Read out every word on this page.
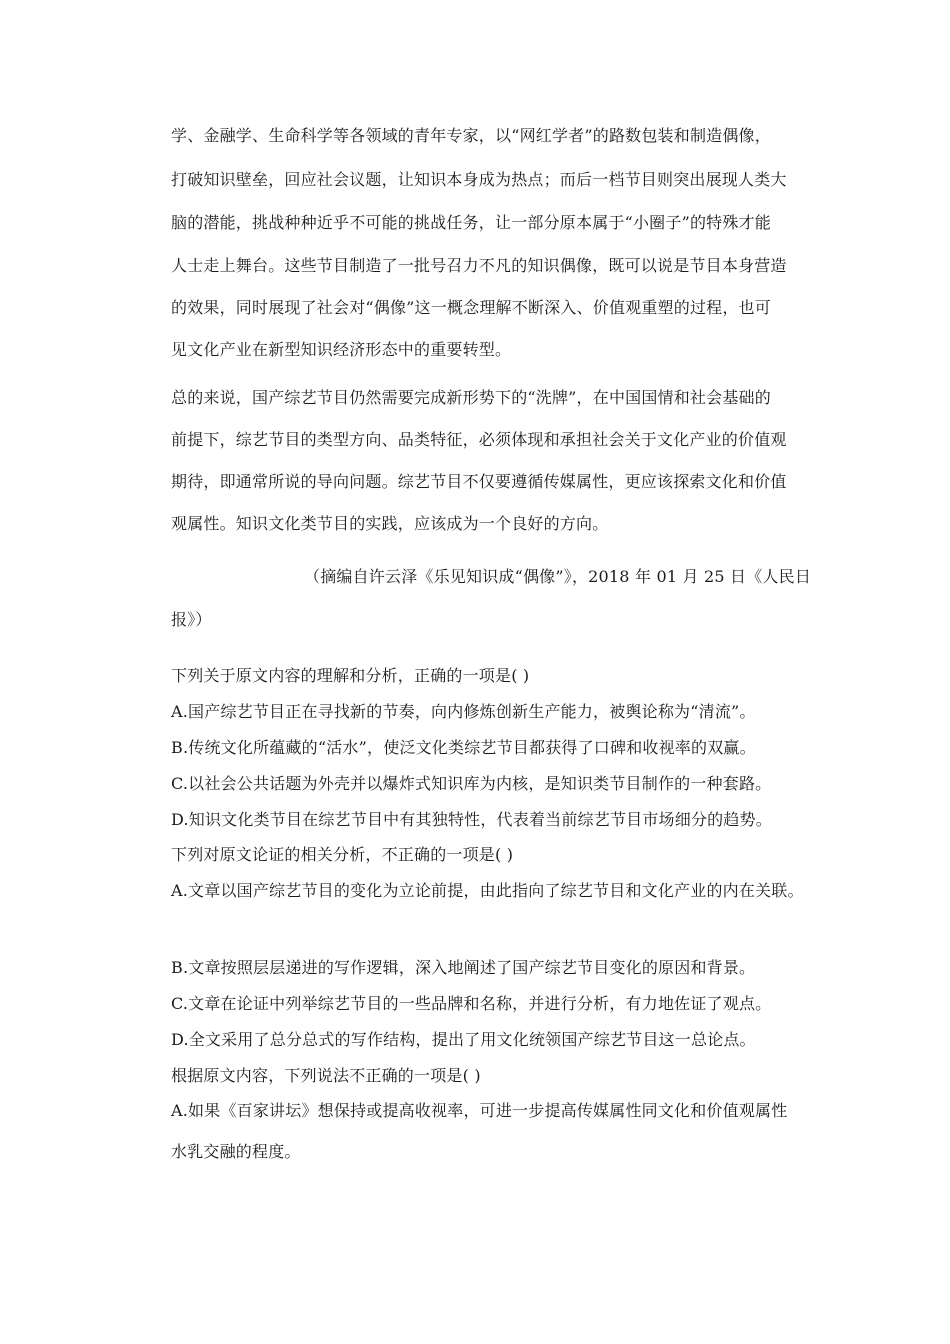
学、金融学、生命科学等各领域的青年专家，以“网红学者”的路数包装和制造偶像，
打破知识壁垒，回应社会议题，让知识本身成为热点；而后一档节目则突出展现人类大
脑的潜能，挑战种种近乎不可能的挑战任务，让一部分原本属于“小圈子”的特殊才能
人士走上舞台。这些节目制造了一批号召力不凡的知识偶像，既可以说是节目本身营造
的效果，同时展现了社会对“偶像”这一概念理解不断深入、价值观重塑的过程，也可
见文化产业在新型知识经济形态中的重要转型。
总的来说，国产综艺节目仍然需要完成新形势下的“洗牌”，在中国国情和社会基础的
前提下，综艺节目的类型方向、品类特征，必须体现和承担社会关于文化产业的价值观
期待，即通常所说的导向问题。综艺节目不仅要遵循传媒属性，更应该探索文化和价值
观属性。知识文化类节目的实践，应该成为一个良好的方向。
（摘编自许云泽《乐见知识成“偶像”》，2018 年 01 月 25 日《人民日
报》）
下列关于原文内容的理解和分析，正确的一项是( )
A.国产综艺节目正在寻找新的节奏，向内修炼创新生产能力，被舆论称为“清流”。
B.传统文化所蕴藏的“活水”，使泛文化类综艺节目都获得了口碑和收视率的双赢。
C.以社会公共话题为外壳并以爆炸式知识库为内核，是知识类节目制作的一种套路。
D.知识文化类节目在综艺节目中有其独特性，代表着当前综艺节目市场细分的趋势。
下列对原文论证的相关分析，不正确的一项是( )
A.文章以国产综艺节目的变化为立论前提，由此指向了综艺节目和文化产业的内在关联。
B.文章按照层层递进的写作逻辑，深入地阐述了国产综艺节目变化的原因和背景。
C.文章在论证中列举综艺节目的一些品牌和名称，并进行分析，有力地佐证了观点。
D.全文采用了总分总式的写作结构，提出了用文化统领国产综艺节目这一总论点。
根据原文内容，下列说法不正确的一项是( )
A.如果《百家讲坛》想保持或提高收视率，可进一步提高传媒属性同文化和价值观属性
水乳交融的程度。
